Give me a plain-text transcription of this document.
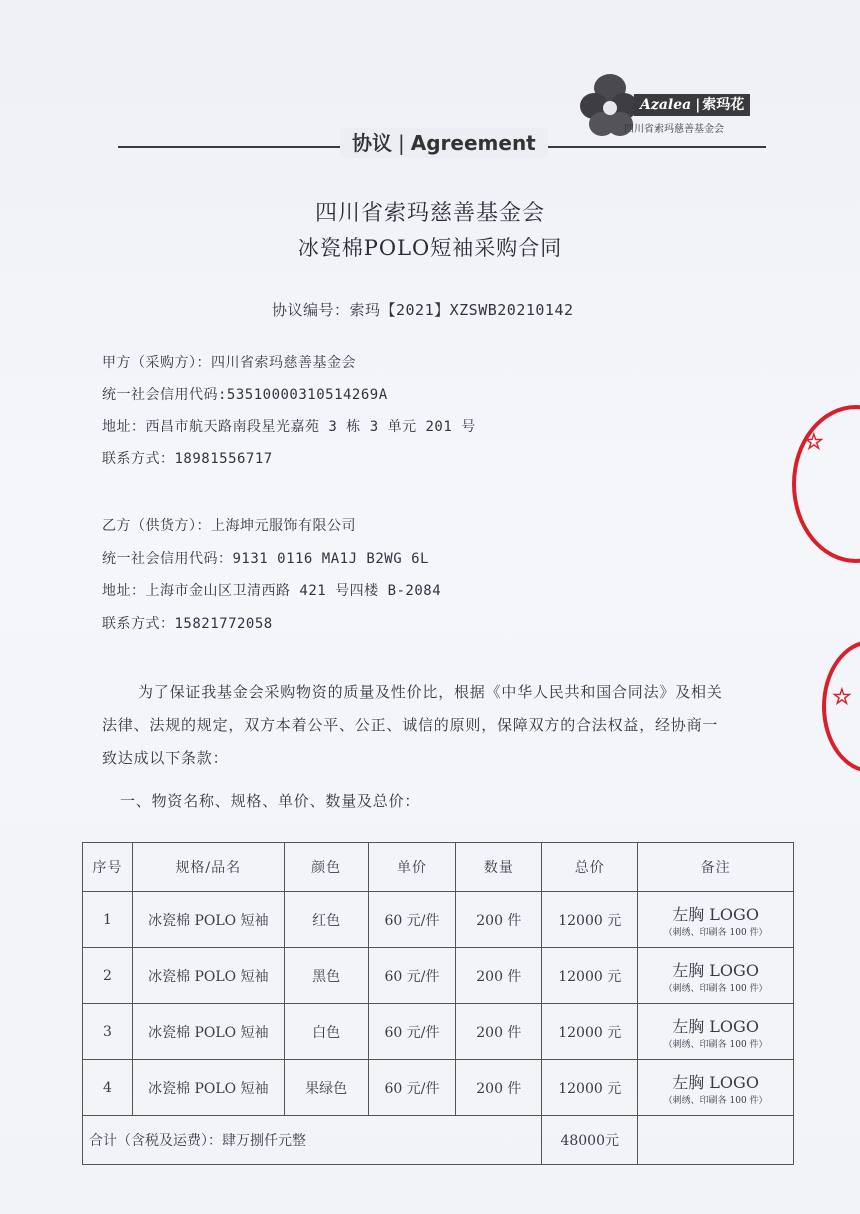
Azalea | 索玛花
四川省索玛慈善基金会
协议 | Agreement
四川省索玛慈善基金会
冰瓷棉POLO短袖采购合同
协议编号：索玛【2021】XZSWB20210142
甲方（采购方）：四川省索玛慈善基金会
统一社会信用代码:53510000310514269A
地址：西昌市航天路南段星光嘉苑 3 栋 3 单元 201 号
联系方式：18981556717
乙方（供货方）：上海坤元服饰有限公司
统一社会信用代码：9131 0116 MA1J B2WG 6L
地址：上海市金山区卫清西路 421 号四楼 B-2084
联系方式：15821772058
为了保证我基金会采购物资的质量及性价比，根据《中华人民共和国合同法》及相关
法律、法规的规定，双方本着公平、公正、诚信的原则，保障双方的合法权益，经协商一
致达成以下条款：
一、物资名称、规格、单价、数量及总价：
序号	规格/品名	颜色	单价	数量	总价	备注
1	冰瓷棉 POLO 短袖	红色	60 元/件	200 件	12000 元	左胸 LOGO
（刺绣、印刷各 100 件）

2	冰瓷棉 POLO 短袖	黑色	60 元/件	200 件	12000 元	左胸 LOGO
（刺绣、印刷各 100 件）

3	冰瓷棉 POLO 短袖	白色	60 元/件	200 件	12000 元	左胸 LOGO
（刺绣、印刷各 100 件）

4	冰瓷棉 POLO 短袖	果绿色	60 元/件	200 件	12000 元	左胸 LOGO
（刺绣、印刷各 100 件）

合计（含税及运费）：肆万捌仟元整					48000元	
☆
☆
